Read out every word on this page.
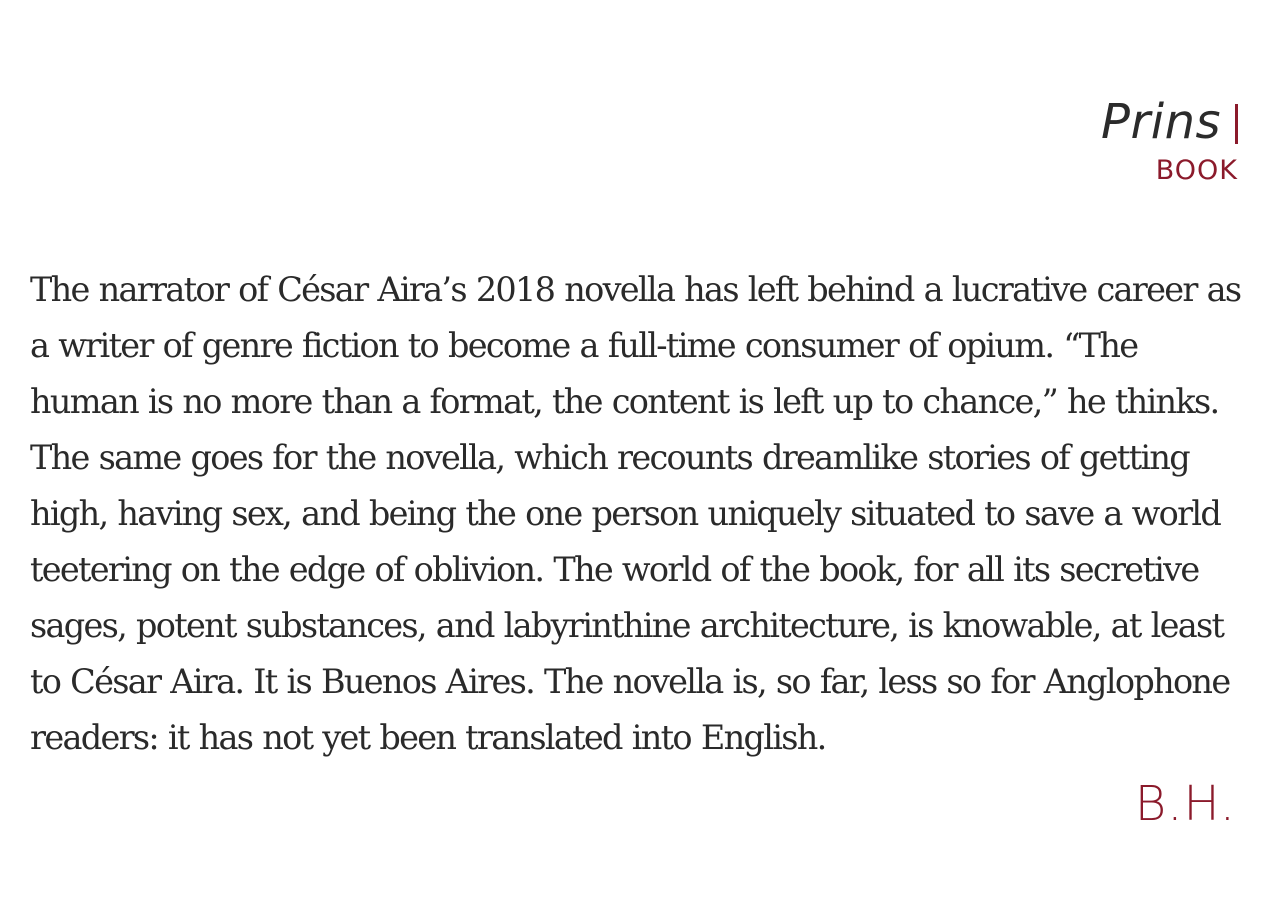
Prins
BOOK

The narrator of César Aira’s 2018 novella has left behind a lucrative career as a writer of genre fiction to become a full-time consumer of opium. “The human is no more than a format, the content is left up to chance,” he thinks. The same goes for the novella, which recounts dreamlike stories of getting high, having sex, and being the one person uniquely situated to save a world teetering on the edge of oblivion. The world of the book, for all its secretive sages, potent substances, and labyrinthine architecture, is knowable, at least to César Aira. It is Buenos Aires. The novella is, so far, less so for Anglophone readers: it has not yet been translated into English.

B.H.
